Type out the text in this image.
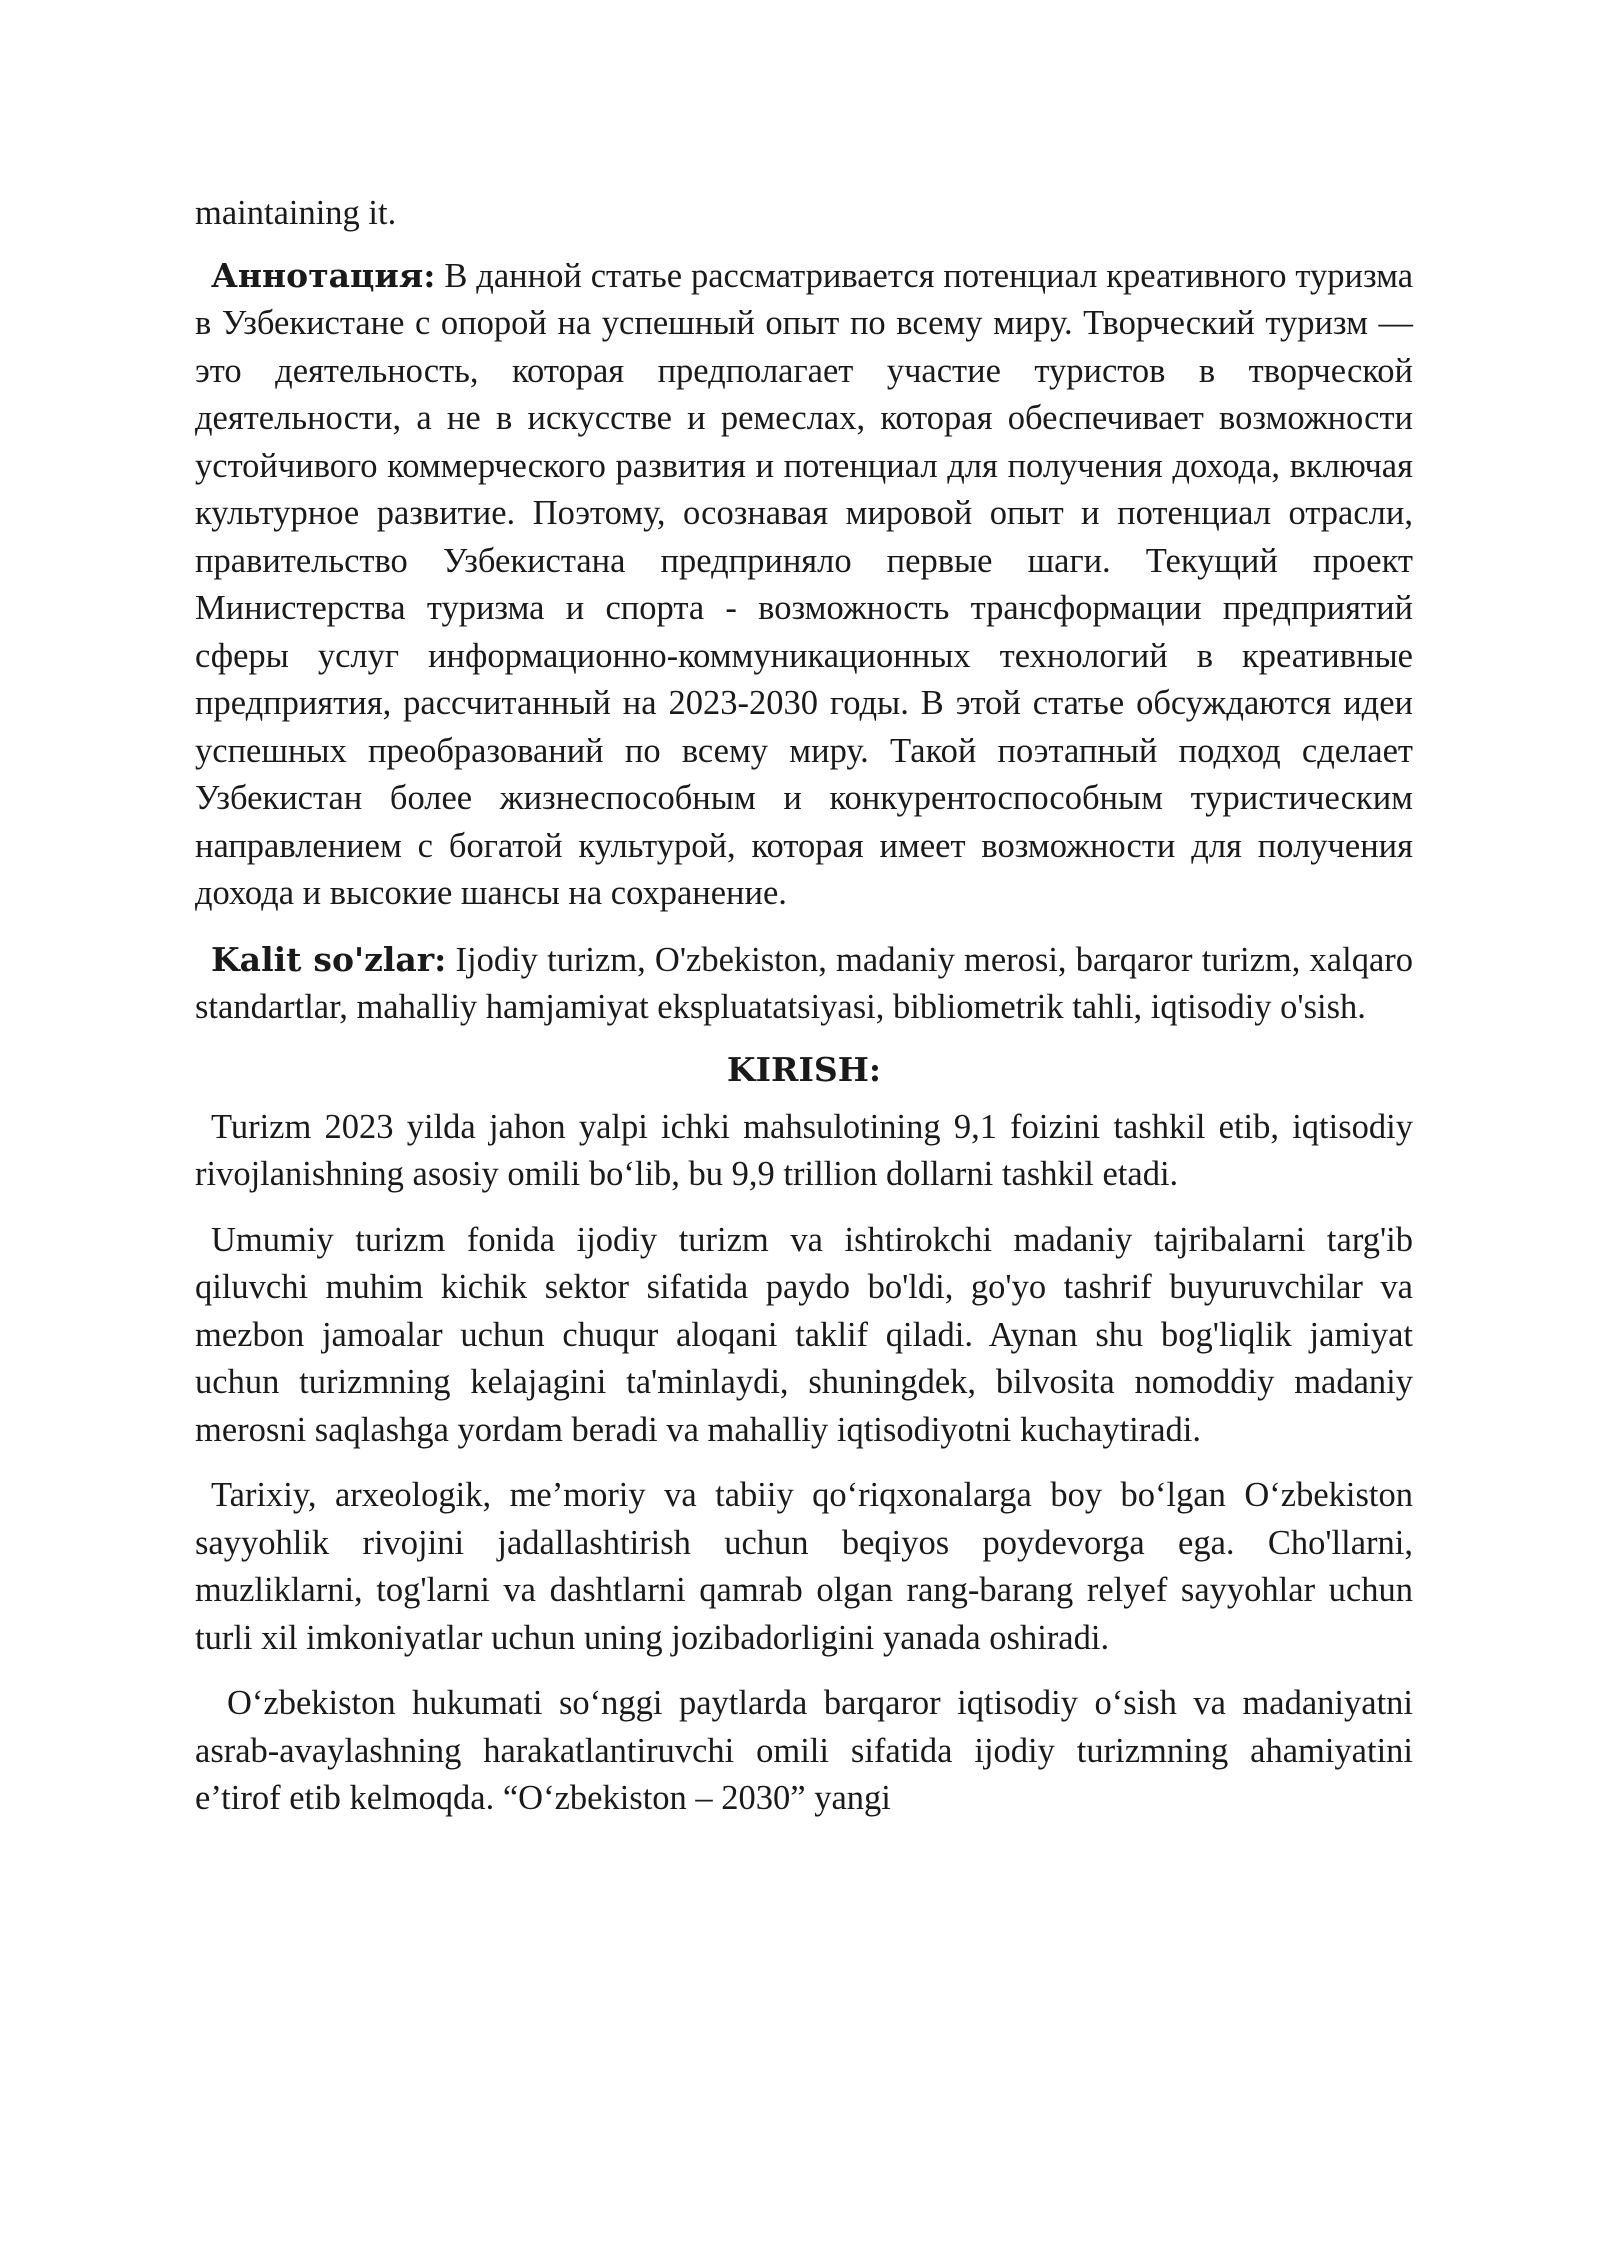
maintaining it.

Аннотация: В данной статье рассматривается потенциал креативного туризма в Узбекистане с опорой на успешный опыт по всему миру. Творческий туризм — это деятельность, которая предполагает участие туристов в творческой деятельности, а не в искусстве и ремеслах, которая обеспечивает возможности устойчивого коммерческого развития и потенциал для получения дохода, включая культурное развитие. Поэтому, осознавая мировой опыт и потенциал отрасли, правительство Узбекистана предприняло первые шаги. Текущий проект Министерства туризма и спорта - возможность трансформации предприятий сферы услуг информационно-коммуникационных технологий в креативные предприятия, рассчитанный на 2023-2030 годы. В этой статье обсуждаются идеи успешных преобразований по всему миру. Такой поэтапный подход сделает Узбекистан более жизнеспособным и конкурентоспособным туристическим направлением с богатой культурой, которая имеет возможности для получения дохода и высокие шансы на сохранение.

Kalit so'zlar: Ijodiy turizm, O'zbekiston, madaniy merosi, barqaror turizm, xalqaro standartlar, mahalliy hamjamiyat ekspluatatsiyasi, bibliometrik tahli, iqtisodiy o'sish.

KIRISH:

Turizm 2023 yilda jahon yalpi ichki mahsulotining 9,1 foizini tashkil etib, iqtisodiy rivojlanishning asosiy omili bo‘lib, bu 9,9 trillion dollarni tashkil etadi.

Umumiy turizm fonida ijodiy turizm va ishtirokchi madaniy tajribalarni targ'ib qiluvchi muhim kichik sektor sifatida paydo bo'ldi, go'yo tashrif buyuruvchilar va mezbon jamoalar uchun chuqur aloqani taklif qiladi. Aynan shu bog'liqlik jamiyat uchun turizmning kelajagini ta'minlaydi, shuningdek, bilvosita nomoddiy madaniy merosni saqlashga yordam beradi va mahalliy iqtisodiyotni kuchaytiradi.

Tarixiy, arxeologik, me’moriy va tabiiy qo‘riqxonalarga boy bo‘lgan O‘zbekiston sayyohlik rivojini jadallashtirish uchun beqiyos poydevorga ega. Cho'llarni, muzliklarni, tog'larni va dashtlarni qamrab olgan rang-barang relyef sayyohlar uchun turli xil imkoniyatlar uchun uning jozibadorligini yanada oshiradi.

O‘zbekiston hukumati so‘nggi paytlarda barqaror iqtisodiy o‘sish va madaniyatni asrab-avaylashning harakatlantiruvchi omili sifatida ijodiy turizmning ahamiyatini e’tirof etib kelmoqda. “O‘zbekiston – 2030” yangi
